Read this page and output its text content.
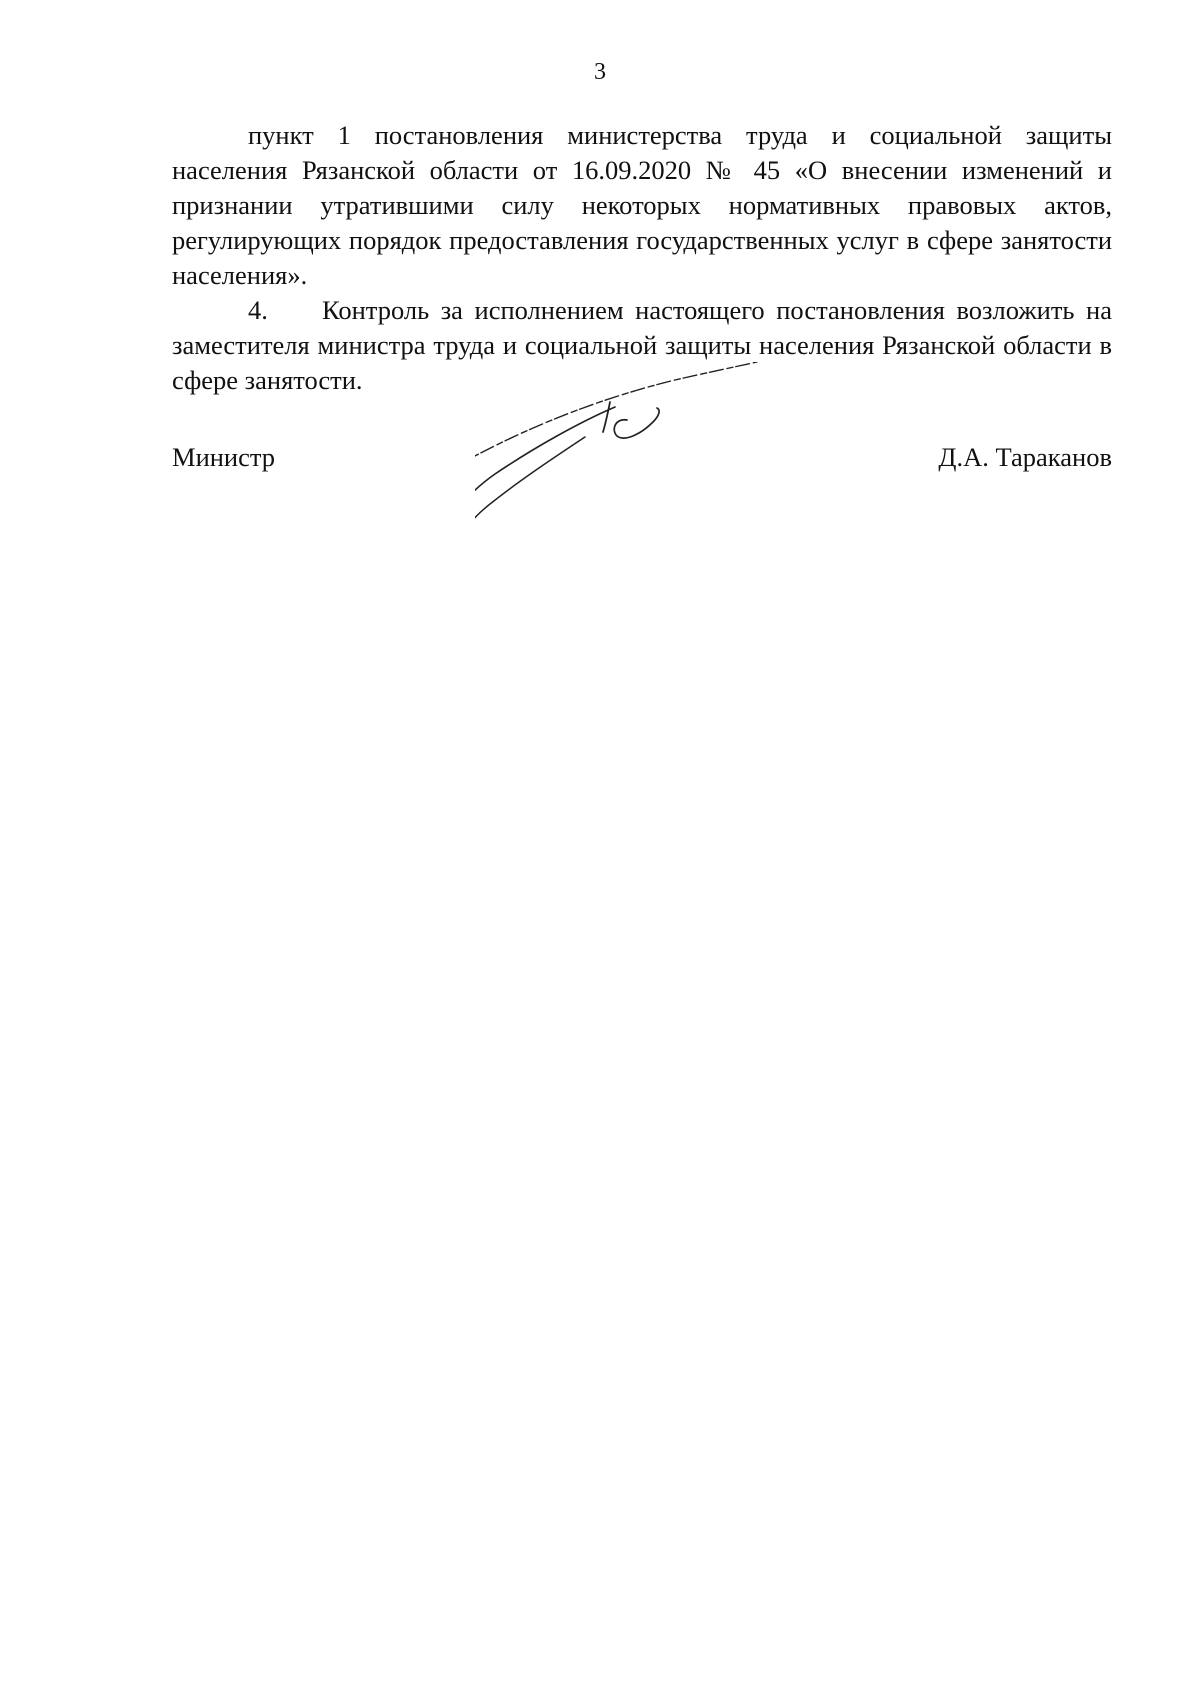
3

пункт 1 постановления министерства труда и социальной защиты населения Рязанской области от 16.09.2020 № 45 «О внесении изменений и признании утратившими силу некоторых нормативных правовых актов, регулирующих порядок предоставления государственных услуг в сфере занятости населения».

4. Контроль за исполнением настоящего постановления возложить на заместителя министра труда и социальной защиты населения Рязанской области в сфере занятости.

Министр	Д.А. Тараканов
